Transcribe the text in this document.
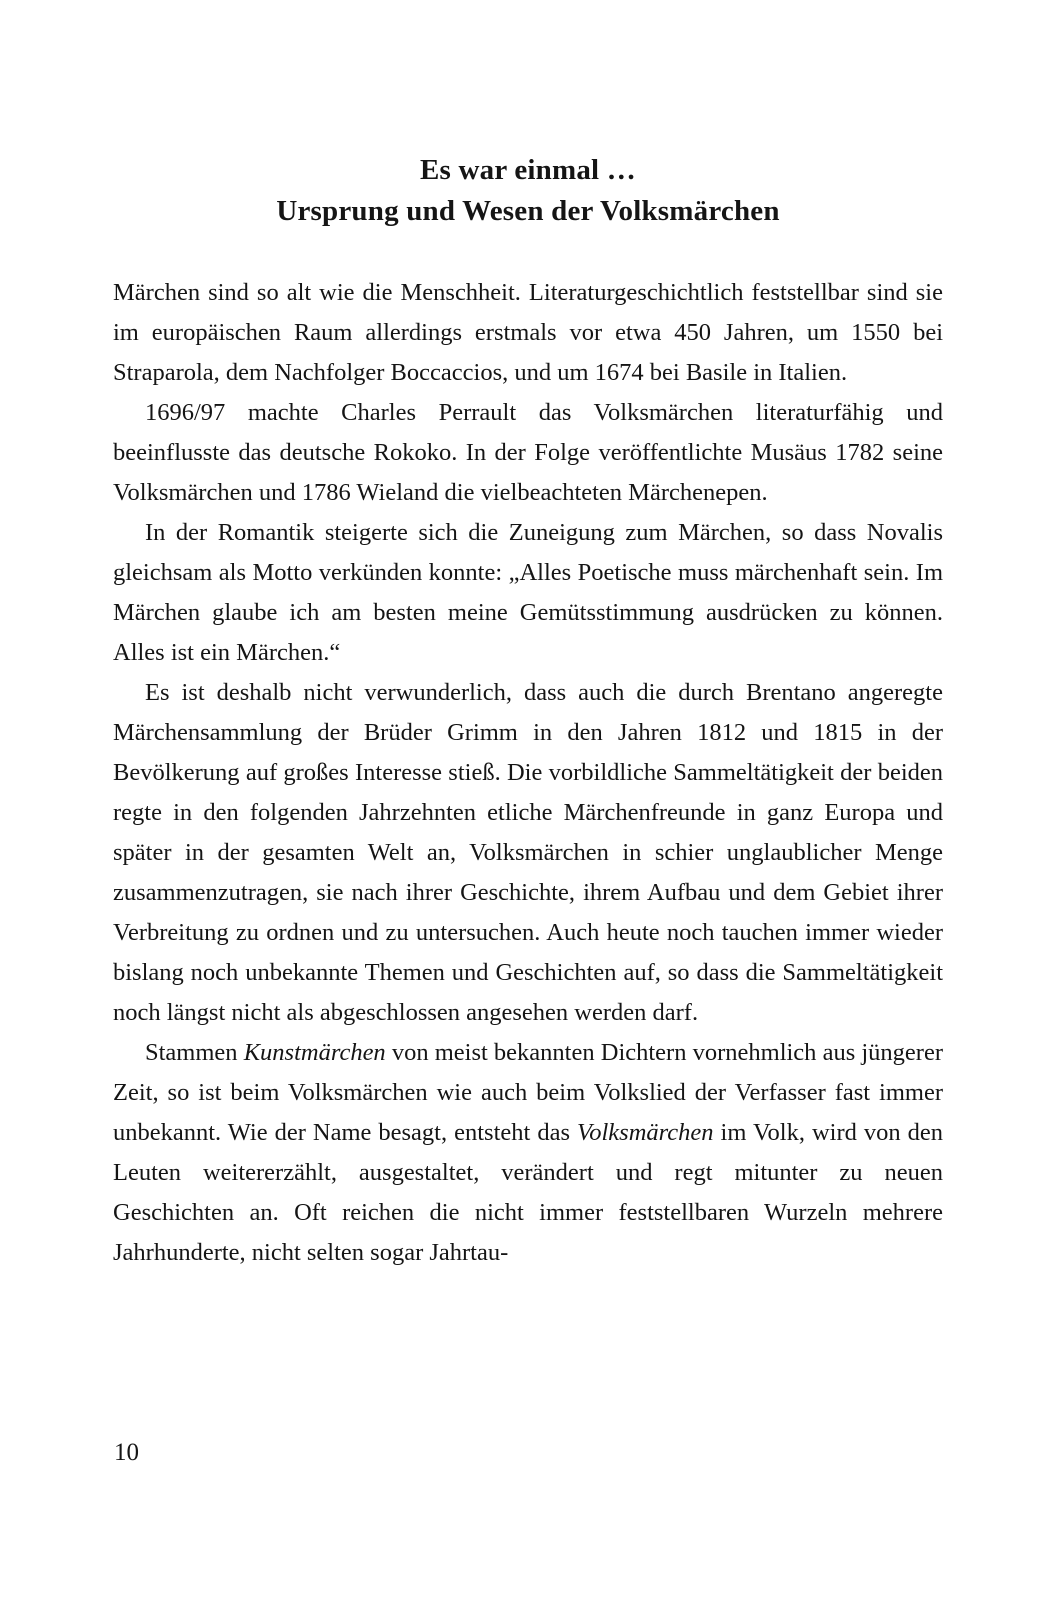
Es war einmal …
Ursprung und Wesen der Volksmärchen

Märchen sind so alt wie die Menschheit. Literaturgeschichtlich feststellbar sind sie im europäischen Raum allerdings erstmals vor etwa 450 Jahren, um 1550 bei Straparola, dem Nachfolger Boccaccios, und um 1674 bei Basile in Italien.

1696/97 machte Charles Perrault das Volksmärchen literaturfähig und beeinflusste das deutsche Rokoko. In der Folge veröffentlichte Musäus 1782 seine Volksmärchen und 1786 Wieland die vielbeachteten Märchenepen.

In der Romantik steigerte sich die Zuneigung zum Märchen, so dass Novalis gleichsam als Motto verkünden konnte: „Alles Poetische muss märchenhaft sein. Im Märchen glaube ich am besten meine Gemütsstimmung ausdrücken zu können. Alles ist ein Märchen.“

Es ist deshalb nicht verwunderlich, dass auch die durch Brentano angeregte Märchensammlung der Brüder Grimm in den Jahren 1812 und 1815 in der Bevölkerung auf großes Interesse stieß. Die vorbildliche Sammeltätigkeit der beiden regte in den folgenden Jahrzehnten etliche Märchenfreunde in ganz Europa und später in der gesamten Welt an, Volksmärchen in schier unglaublicher Menge zusammenzutragen, sie nach ihrer Geschichte, ihrem Aufbau und dem Gebiet ihrer Verbreitung zu ordnen und zu untersuchen. Auch heute noch tauchen immer wieder bislang noch unbekannte Themen und Geschichten auf, so dass die Sammeltätigkeit noch längst nicht als abgeschlossen angesehen werden darf.

Stammen Kunstmärchen von meist bekannten Dichtern vornehmlich aus jüngerer Zeit, so ist beim Volksmärchen wie auch beim Volkslied der Verfasser fast immer unbekannt. Wie der Name besagt, entsteht das Volksmärchen im Volk, wird von den Leuten weitererzählt, ausgestaltet, verändert und regt mitunter zu neuen Geschichten an. Oft reichen die nicht immer feststellbaren Wurzeln mehrere Jahrhunderte, nicht selten sogar Jahrtau-

10
